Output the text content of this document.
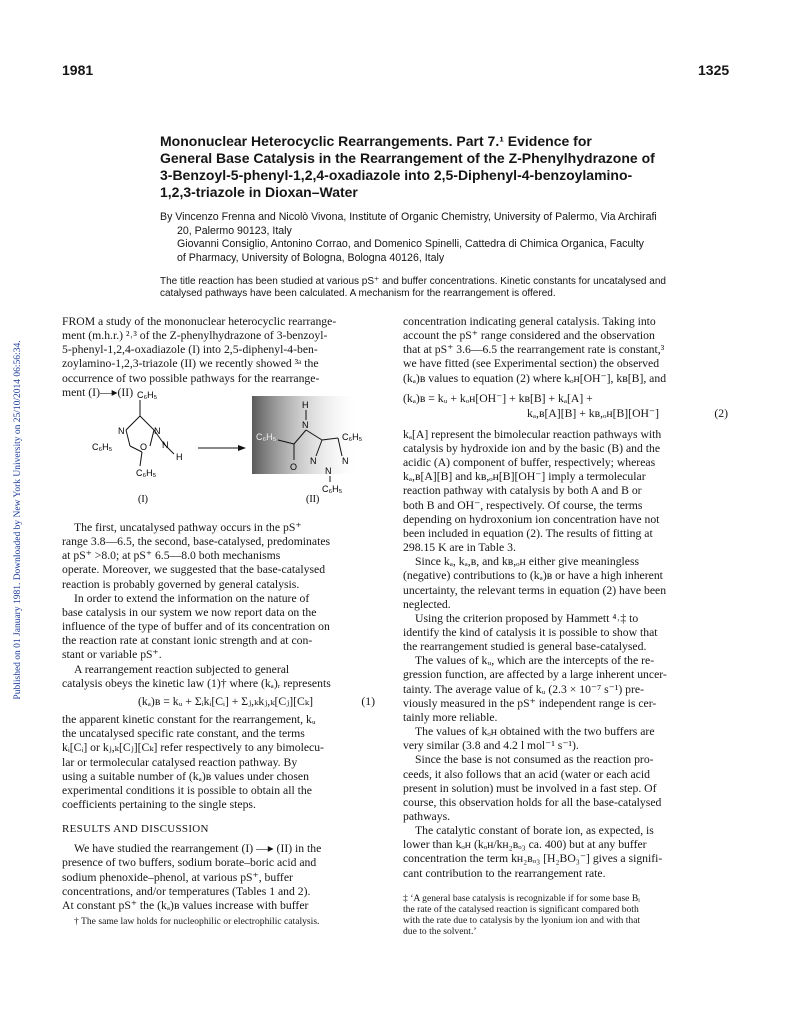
1981	1325
Published on 01 January 1981. Downloaded by New York University on 25/10/2014 06:56:34.
Mononuclear Heterocyclic Rearrangements. Part 7.¹ Evidence for
General Base Catalysis in the Rearrangement of the Z-Phenylhydrazone of
3-Benzoyl-5-phenyl-1,2,4-oxadiazole into 2,5-Diphenyl-4-benzoylamino-
1,2,3-triazole in Dioxan–Water
By Vincenzo Frenna and Nicolò Vivona, Institute of Organic Chemistry, University of Palermo, Via Archirafi
20, Palermo 90123, Italy
Giovanni Consiglio, Antonino Corrao, and Domenico Spinelli, Cattedra di Chimica Organica, Faculty
of Pharmacy, University of Bologna, Bologna 40126, Italy
The title reaction has been studied at various pS⁺ and buffer concentrations. Kinetic constants for uncatalysed and
catalysed pathways have been calculated. A mechanism for the rearrangement is offered.

FROM a study of the mononuclear heterocyclic rearrange-

ment (m.h.r.) ²˒³ of the Z-phenylhydrazone of 3-benzoyl-

5-phenyl-1,2,4-oxadiazole (I) into 2,5-diphenyl-4-ben-

zoylamino-1,2,3-triazole (II) we recently showed ³ᵃ the

occurrence of two possible pathways for the rearrange-

ment (I)—▸(II) C₆H₅
N	N
C₆H₅	O N
H
C₆H₅
(I)
H
N
C₆H₅	C₆H₅
O
N	N
N
C₆H₅
(II)

The first, uncatalysed pathway occurs in the pS⁺

range 3.8—6.5, the second, base-catalysed, predominates

at pS⁺ >8.0; at pS⁺ 6.5—8.0 both mechanisms

operate. Moreover, we suggested that the base-catalysed

reaction is probably governed by general catalysis.

In order to extend the information on the nature of

base catalysis in our system we now report data on the

influence of the type of buffer and of its concentration on

the reaction rate at constant ionic strength and at con-

stant or variable pS⁺.

A rearrangement reaction subjected to general

catalysis obeys the kinetic law (1)† where (kₐ)ᵣ represents

(kₐ)ʙ = kᵤ + Σᵢkᵢ[Cᵢ] + Σⱼ,ₖkⱼ,ₖ[Cⱼ][Cₖ]	(1)

the apparent kinetic constant for the rearrangement, kᵤ

the uncatalysed specific rate constant, and the terms

kᵢ[Cᵢ] or kⱼ,ₖ[Cⱼ][Cₖ] refer respectively to any bimolecu-

lar or termolecular catalysed reaction pathway. By

using a suitable number of (kₐ)ʙ values under chosen

experimental conditions it is possible to obtain all the

coefficients pertaining to the single steps.

RESULTS AND DISCUSSION

We have studied the rearrangement (I) —▸ (II) in the

presence of two buffers, sodium borate–boric acid and

sodium phenoxide–phenol, at various pS⁺, buffer

concentrations, and/or temperatures (Tables 1 and 2).

At constant pS⁺ the (kₐ)ʙ values increase with buffer

† The same law holds for nucleophilic or electrophilic catalysis.

concentration indicating general catalysis. Taking into

account the pS⁺ range considered and the observation

that at pS⁺ 3.6—6.5 the rearrangement rate is constant,³

we have fitted (see Experimental section) the observed

(kₐ)ʙ values to equation (2) where kₒʜ[OH⁻], kʙ[B], and

(kₐ)ʙ = kᵤ + kₒʜ[OH⁻] + kʙ[B] + kₐ[A] +
kₐ,ʙ[A][B] + kʙ,ₒʜ[B][OH⁻]	(2)

kₐ[A] represent the bimolecular reaction pathways with

catalysis by hydroxide ion and by the basic (B) and the

acidic (A) component of buffer, respectively; whereas

kₐ,ʙ[A][B] and kʙ,ₒʜ[B][OH⁻] imply a termolecular

reaction pathway with catalysis by both A and B or

both B and OH⁻, respectively. Of course, the terms

depending on hydroxonium ion concentration have not

been included in equation (2). The results of fitting at

298.15 K are in Table 3.

Since kₐ, kₐ,ʙ, and kʙ,ₒʜ either give meaningless

(negative) contributions to (kₐ)ʙ or have a high inherent

uncertainty, the relevant terms in equation (2) have been

neglected.

Using the criterion proposed by Hammett ⁴˒‡ to

identify the kind of catalysis it is possible to show that

the rearrangement studied is general base-catalysed.

The values of kᵤ, which are the intercepts of the re-

gression function, are affected by a large inherent uncer-

tainty. The average value of kᵤ (2.3 × 10⁻⁷ s⁻¹) pre-

viously measured in the pS⁺ independent range is cer-

tainly more reliable.

The values of kₒʜ obtained with the two buffers are

very similar (3.8 and 4.2 l mol⁻¹ s⁻¹).

Since the base is not consumed as the reaction pro-

ceeds, it also follows that an acid (water or each acid

present in solution) must be involved in a fast step. Of

course, this observation holds for all the base-catalysed

pathways.

The catalytic constant of borate ion, as expected, is

lower than kₒʜ (kₒʜ/kʜ₂ʙₒ₃ ca. 400) but at any buffer

concentration the term kʜ₂ʙₒ₃ [H₂BO₃⁻] gives a signifi-

cant contribution to the rearrangement rate.

‡ ‘A general base catalysis is recognizable if for some base Bᵢ

the rate of the catalysed reaction is significant compared both

with the rate due to catalysis by the lyonium ion and with that

due to the solvent.’
